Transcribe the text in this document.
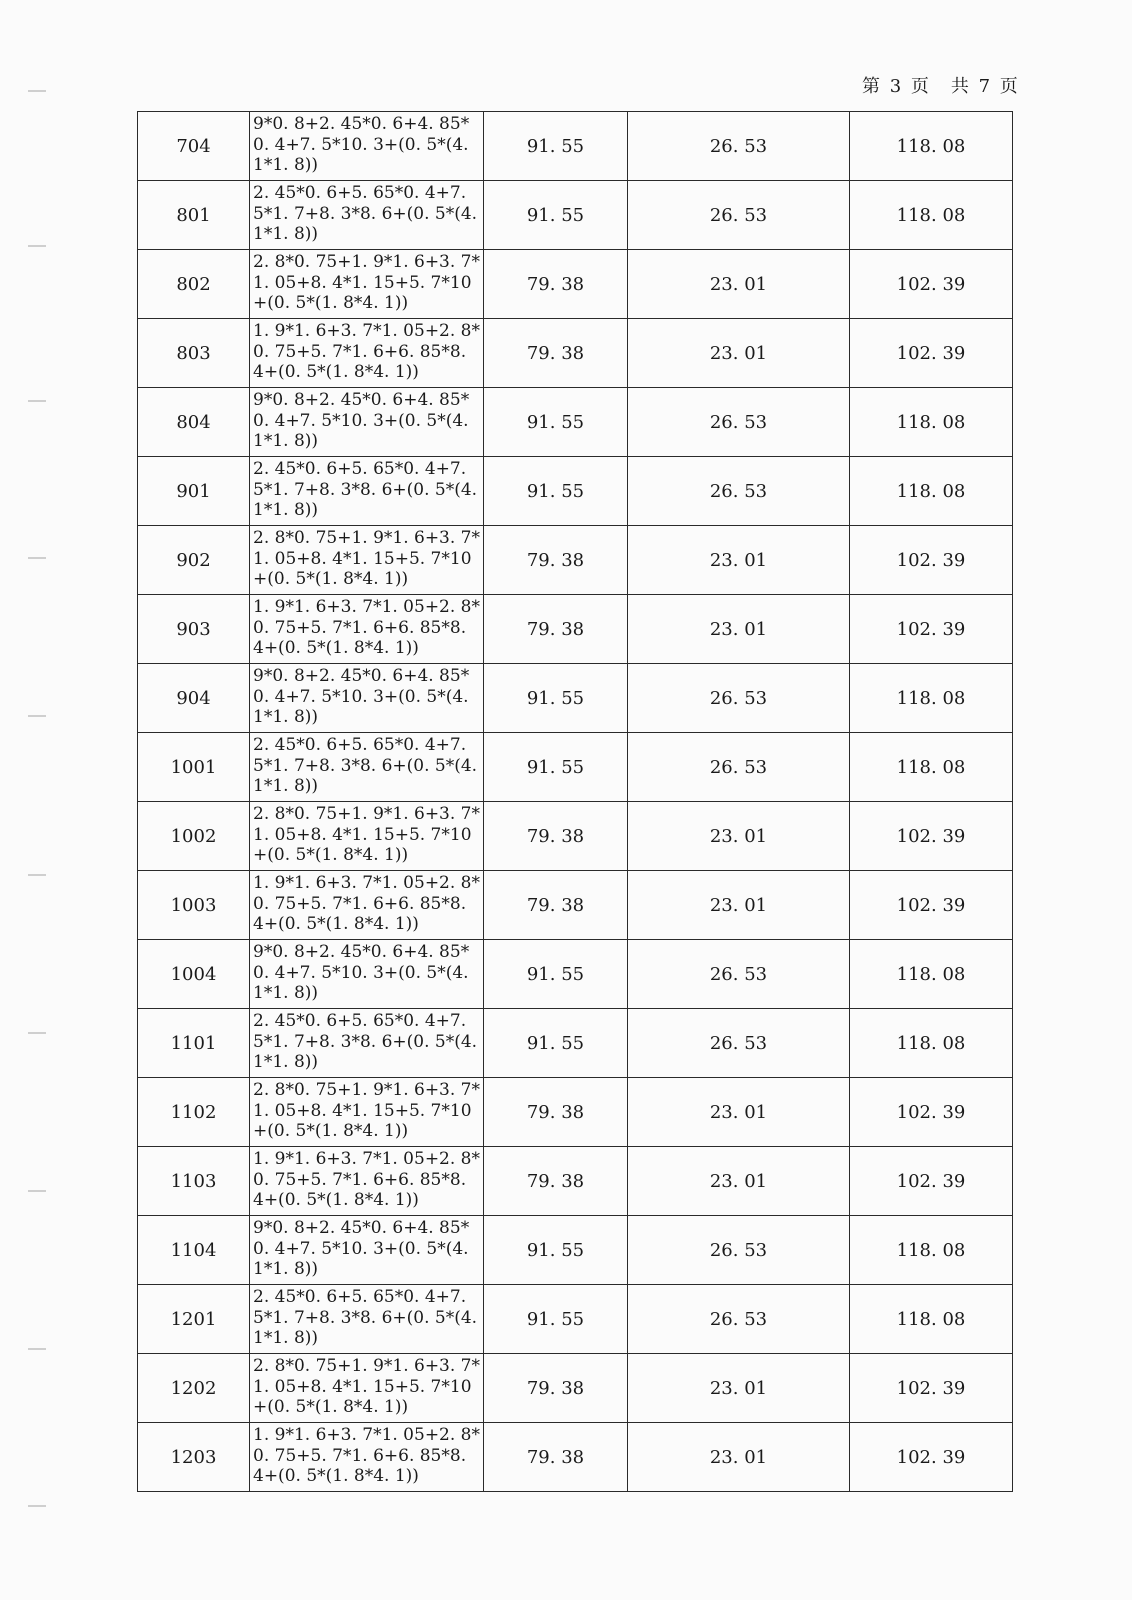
第 3 页　共 7 页
704	9*0. 8+2. 45*0. 6+4. 85*0. 4+7. 5*10. 3+(0. 5*(4. 1*1. 8))	91. 55	26. 53	118. 08
801	2. 45*0. 6+5. 65*0. 4+7. 5*1. 7+8. 3*8. 6+(0. 5*(4. 1*1. 8))	91. 55	26. 53	118. 08
802	2. 8*0. 75+1. 9*1. 6+3. 7*1. 05+8. 4*1. 15+5. 7*10+(0. 5*(1. 8*4. 1))	79. 38	23. 01	102. 39
803	1. 9*1. 6+3. 7*1. 05+2. 8*0. 75+5. 7*1. 6+6. 85*8. 4+(0. 5*(1. 8*4. 1))	79. 38	23. 01	102. 39
804	9*0. 8+2. 45*0. 6+4. 85*0. 4+7. 5*10. 3+(0. 5*(4. 1*1. 8))	91. 55	26. 53	118. 08
901	2. 45*0. 6+5. 65*0. 4+7. 5*1. 7+8. 3*8. 6+(0. 5*(4. 1*1. 8))	91. 55	26. 53	118. 08
902	2. 8*0. 75+1. 9*1. 6+3. 7*1. 05+8. 4*1. 15+5. 7*10+(0. 5*(1. 8*4. 1))	79. 38	23. 01	102. 39
903	1. 9*1. 6+3. 7*1. 05+2. 8*0. 75+5. 7*1. 6+6. 85*8. 4+(0. 5*(1. 8*4. 1))	79. 38	23. 01	102. 39
904	9*0. 8+2. 45*0. 6+4. 85*0. 4+7. 5*10. 3+(0. 5*(4. 1*1. 8))	91. 55	26. 53	118. 08
1001	2. 45*0. 6+5. 65*0. 4+7. 5*1. 7+8. 3*8. 6+(0. 5*(4. 1*1. 8))	91. 55	26. 53	118. 08
1002	2. 8*0. 75+1. 9*1. 6+3. 7*1. 05+8. 4*1. 15+5. 7*10+(0. 5*(1. 8*4. 1))	79. 38	23. 01	102. 39
1003	1. 9*1. 6+3. 7*1. 05+2. 8*0. 75+5. 7*1. 6+6. 85*8. 4+(0. 5*(1. 8*4. 1))	79. 38	23. 01	102. 39
1004	9*0. 8+2. 45*0. 6+4. 85*0. 4+7. 5*10. 3+(0. 5*(4. 1*1. 8))	91. 55	26. 53	118. 08
1101	2. 45*0. 6+5. 65*0. 4+7. 5*1. 7+8. 3*8. 6+(0. 5*(4. 1*1. 8))	91. 55	26. 53	118. 08
1102	2. 8*0. 75+1. 9*1. 6+3. 7*1. 05+8. 4*1. 15+5. 7*10+(0. 5*(1. 8*4. 1))	79. 38	23. 01	102. 39
1103	1. 9*1. 6+3. 7*1. 05+2. 8*0. 75+5. 7*1. 6+6. 85*8. 4+(0. 5*(1. 8*4. 1))	79. 38	23. 01	102. 39
1104	9*0. 8+2. 45*0. 6+4. 85*0. 4+7. 5*10. 3+(0. 5*(4. 1*1. 8))	91. 55	26. 53	118. 08
1201	2. 45*0. 6+5. 65*0. 4+7. 5*1. 7+8. 3*8. 6+(0. 5*(4. 1*1. 8))	91. 55	26. 53	118. 08
1202	2. 8*0. 75+1. 9*1. 6+3. 7*1. 05+8. 4*1. 15+5. 7*10+(0. 5*(1. 8*4. 1))	79. 38	23. 01	102. 39
1203	1. 9*1. 6+3. 7*1. 05+2. 8*0. 75+5. 7*1. 6+6. 85*8. 4+(0. 5*(1. 8*4. 1))	79. 38	23. 01	102. 39
